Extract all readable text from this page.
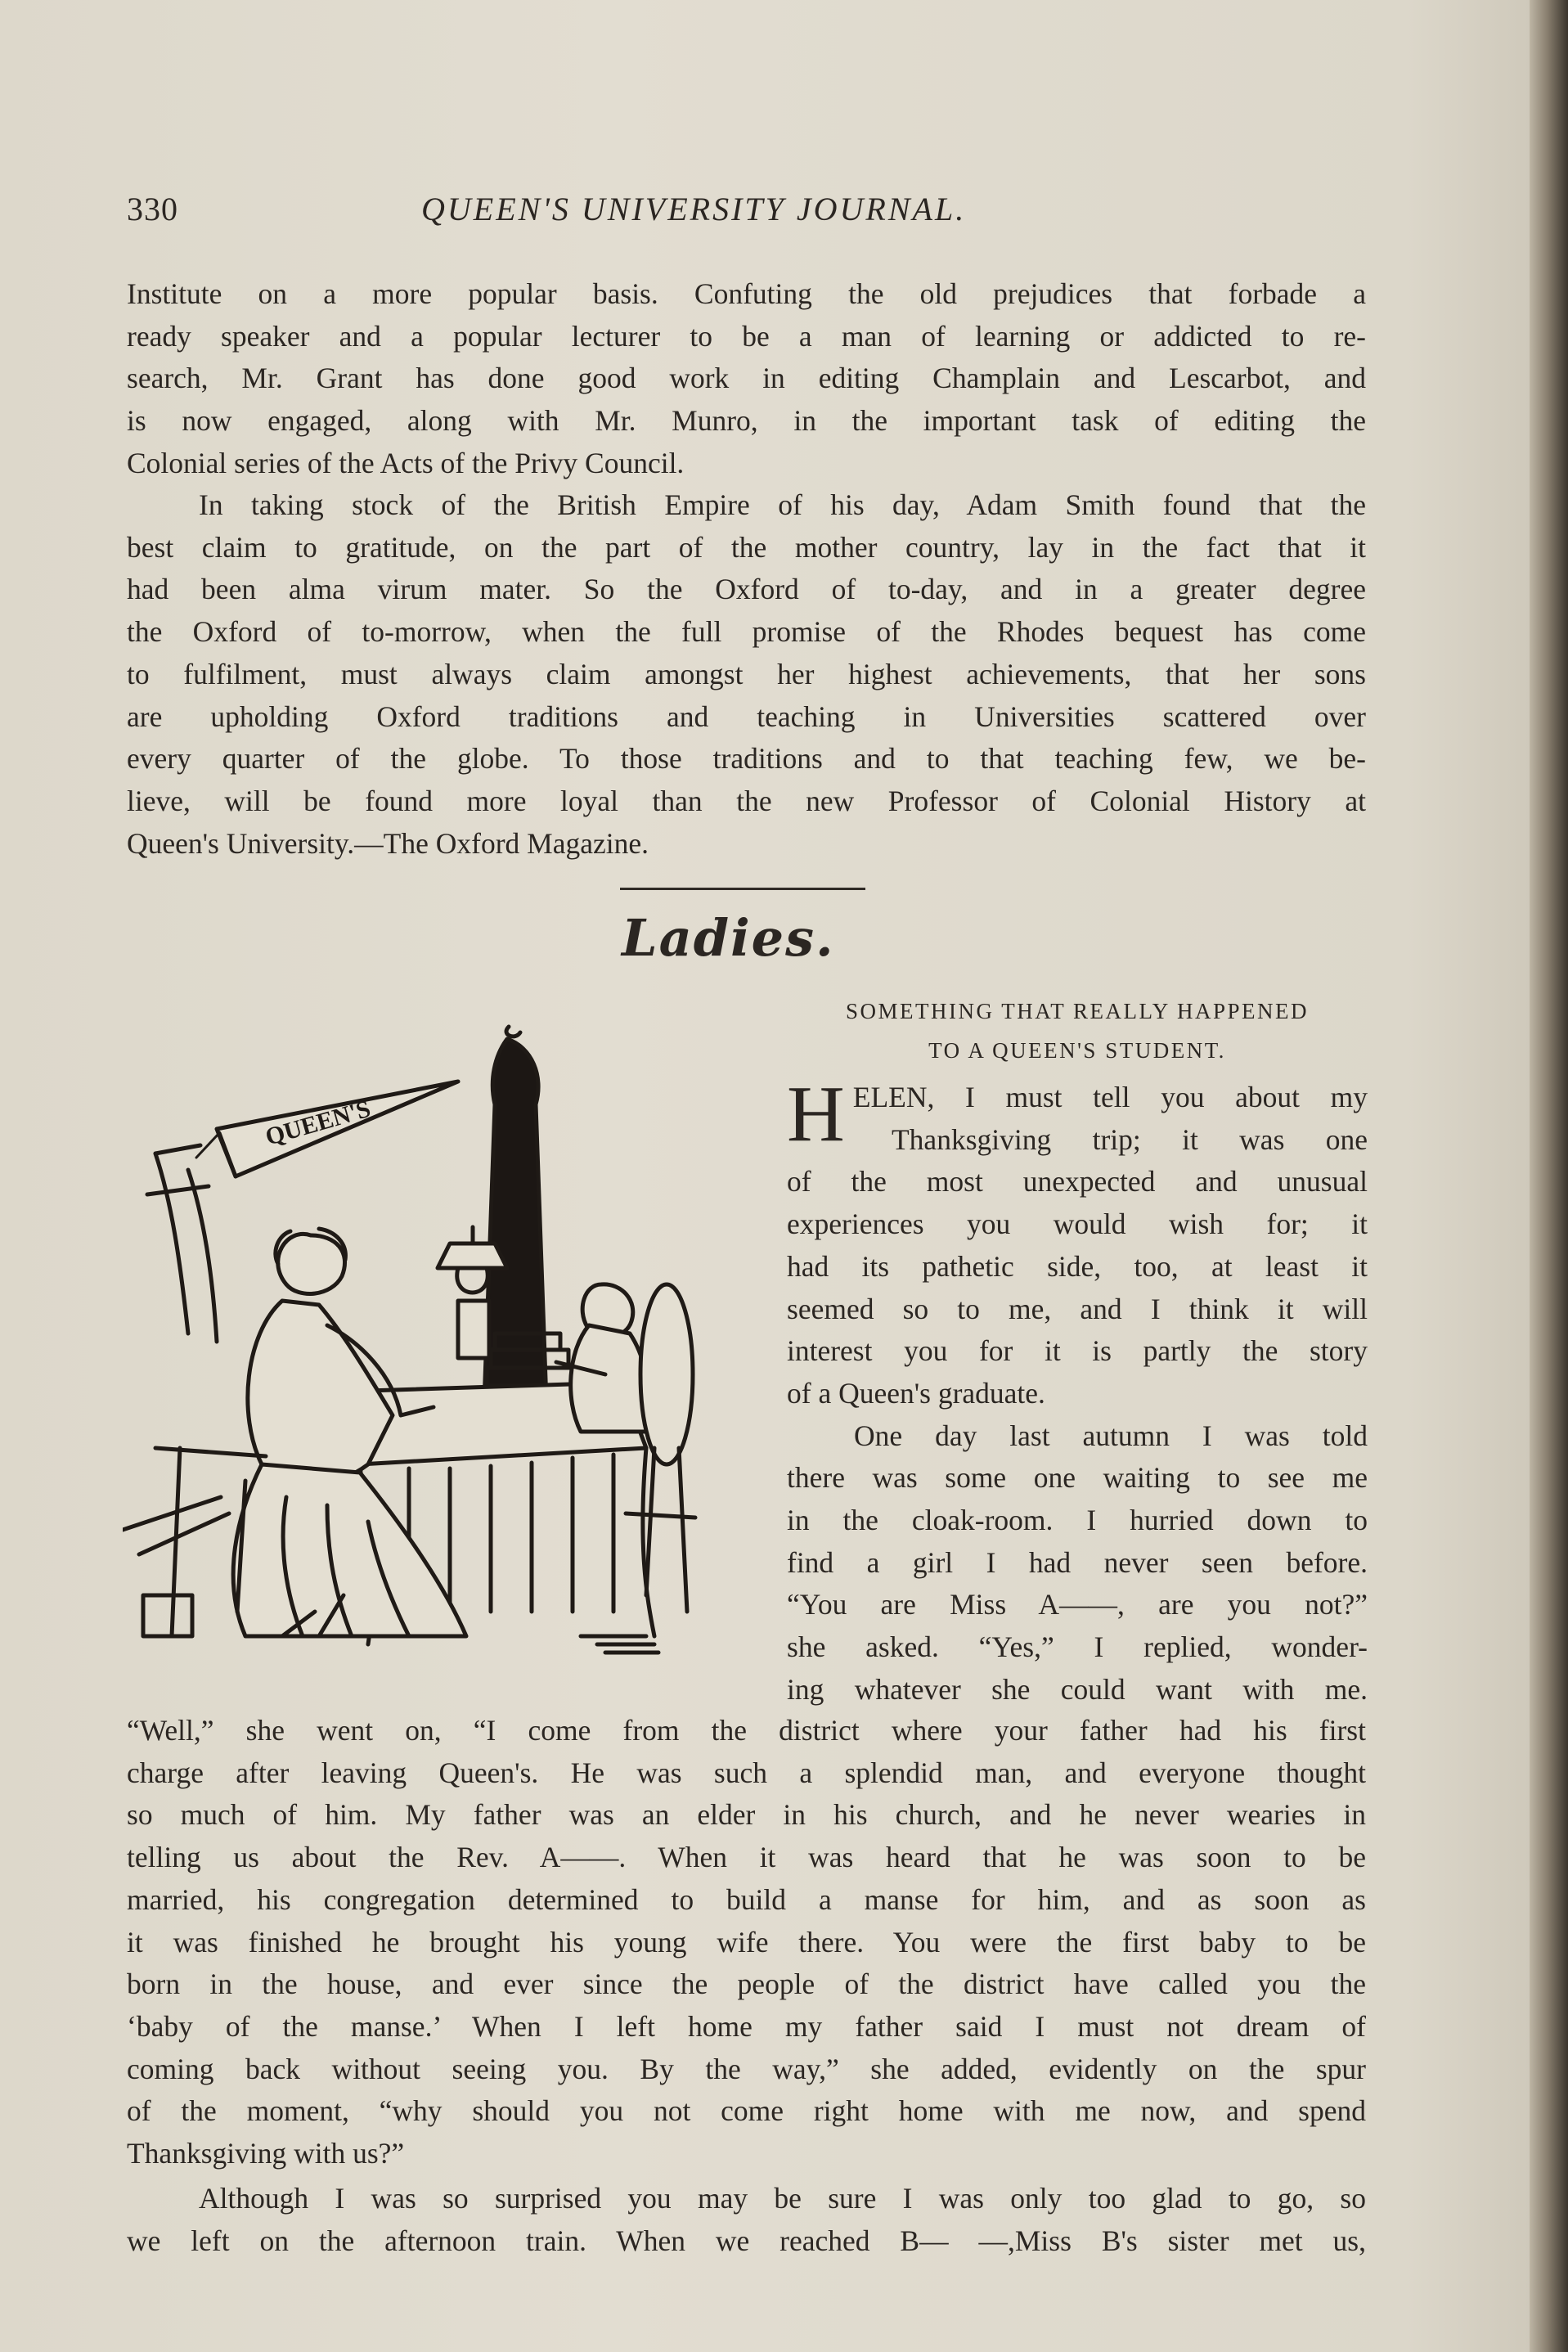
330	QUEEN'S UNIVERSITY JOURNAL.

Institute on a more popular basis. Confuting the old prejudices that forbade a

ready speaker and a popular lecturer to be a man of learning or addicted to re-

search, Mr. Grant has done good work in editing Champlain and Lescarbot, and

is now engaged, along with Mr. Munro, in the important task of editing the

Colonial series of the Acts of the Privy Council.

In taking stock of the British Empire of his day, Adam Smith found that the

best claim to gratitude, on the part of the mother country, lay in the fact that it

had been alma virum mater. So the Oxford of to-day, and in a greater degree

the Oxford of to-morrow, when the full promise of the Rhodes bequest has come

to fulfilment, must always claim amongst her highest achievements, that her sons

are upholding Oxford traditions and teaching in Universities scattered over

every quarter of the globe. To those traditions and to that teaching few, we be-

lieve, will be found more loyal than the new Professor of Colonial History at

Queen's University.—The Oxford Magazine.

Ladies.
QUEEN'S

SOMETHING THAT REALLY HAPPENED

TO A QUEEN'S STUDENT.

H ELEN, I must tell you about my

Thanksgiving trip; it was one

of the most unexpected and unusual

experiences you would wish for; it

had its pathetic side, too, at least it

seemed so to me, and I think it will

interest you for it is partly the story

of a Queen's graduate.

One day last autumn I was told

there was some one waiting to see me

in the cloak-room. I hurried down to

find a girl I had never seen before.

“You are Miss A——, are you not?”

she asked. “Yes,” I replied, wonder-

ing whatever she could want with me.

“Well,” she went on, “I come from the district where your father had his first

charge after leaving Queen's. He was such a splendid man, and everyone thought

so much of him. My father was an elder in his church, and he never wearies in

telling us about the Rev. A——. When it was heard that he was soon to be

married, his congregation determined to build a manse for him, and as soon as

it was finished he brought his young wife there. You were the first baby to be

born in the house, and ever since the people of the district have called you the

‘baby of the manse.’ When I left home my father said I must not dream of

coming back without seeing you. By the way,” she added, evidently on the spur

of the moment, “why should you not come right home with me now, and spend

Thanksgiving with us?”

Although I was so surprised you may be sure I was only too glad to go, so

we left on the afternoon train. When we reached B— —,Miss B's sister met us,
